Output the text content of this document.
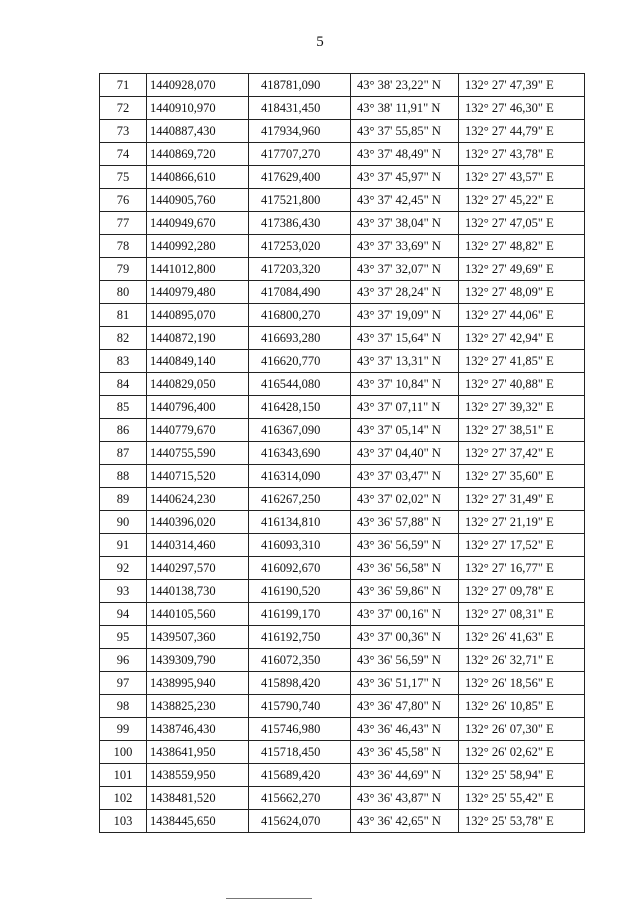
5
71	1440928,070	418781,090	43° 38' 23,22" N	132° 27' 47,39" E
72	1440910,970	418431,450	43° 38' 11,91" N	132° 27' 46,30" E
73	1440887,430	417934,960	43° 37' 55,85" N	132° 27' 44,79" E
74	1440869,720	417707,270	43° 37' 48,49" N	132° 27' 43,78" E
75	1440866,610	417629,400	43° 37' 45,97" N	132° 27' 43,57" E
76	1440905,760	417521,800	43° 37' 42,45" N	132° 27' 45,22" E
77	1440949,670	417386,430	43° 37' 38,04" N	132° 27' 47,05" E
78	1440992,280	417253,020	43° 37' 33,69" N	132° 27' 48,82" E
79	1441012,800	417203,320	43° 37' 32,07" N	132° 27' 49,69" E
80	1440979,480	417084,490	43° 37' 28,24" N	132° 27' 48,09" E
81	1440895,070	416800,270	43° 37' 19,09" N	132° 27' 44,06" E
82	1440872,190	416693,280	43° 37' 15,64" N	132° 27' 42,94" E
83	1440849,140	416620,770	43° 37' 13,31" N	132° 27' 41,85" E
84	1440829,050	416544,080	43° 37' 10,84" N	132° 27' 40,88" E
85	1440796,400	416428,150	43° 37' 07,11" N	132° 27' 39,32" E
86	1440779,670	416367,090	43° 37' 05,14" N	132° 27' 38,51" E
87	1440755,590	416343,690	43° 37' 04,40" N	132° 27' 37,42" E
88	1440715,520	416314,090	43° 37' 03,47" N	132° 27' 35,60" E
89	1440624,230	416267,250	43° 37' 02,02" N	132° 27' 31,49" E
90	1440396,020	416134,810	43° 36' 57,88" N	132° 27' 21,19" E
91	1440314,460	416093,310	43° 36' 56,59" N	132° 27' 17,52" E
92	1440297,570	416092,670	43° 36' 56,58" N	132° 27' 16,77" E
93	1440138,730	416190,520	43° 36' 59,86" N	132° 27' 09,78" E
94	1440105,560	416199,170	43° 37' 00,16" N	132° 27' 08,31" E
95	1439507,360	416192,750	43° 37' 00,36" N	132° 26' 41,63" E
96	1439309,790	416072,350	43° 36' 56,59" N	132° 26' 32,71" E
97	1438995,940	415898,420	43° 36' 51,17" N	132° 26' 18,56" E
98	1438825,230	415790,740	43° 36' 47,80" N	132° 26' 10,85" E
99	1438746,430	415746,980	43° 36' 46,43" N	132° 26' 07,30" E
100	1438641,950	415718,450	43° 36' 45,58" N	132° 26' 02,62" E
101	1438559,950	415689,420	43° 36' 44,69" N	132° 25' 58,94" E
102	1438481,520	415662,270	43° 36' 43,87" N	132° 25' 55,42" E
103	1438445,650	415624,070	43° 36' 42,65" N	132° 25' 53,78" E
